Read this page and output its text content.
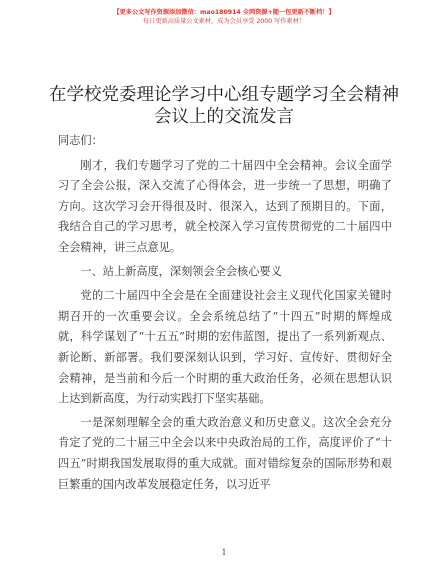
【更多公文写作资源添加微信：mao180914 全网资源+随一包更新不断档！】
每日更新高质量公文素材，成为会员享受 2000 写作素材！
在学校党委理论学习中心组专题学习全会精神
会议上的交流发言

同志们：

刚才，我们专题学习了党的二十届四中全会精神。会议全面学习了全会公报，深入交流了心得体会，进一步统一了思想，明确了方向。这次学习会开得很及时、很深入，达到了预期目的。下面，我结合自己的学习思考，就全校深入学习宣传贯彻党的二十届四中全会精神，讲三点意见。

一、站上新高度，深刻领会全会核心要义

党的二十届四中全会是在全面建设社会主义现代化国家关键时期召开的一次重要会议。全会系统总结了“十四五”时期的辉煌成就，科学谋划了“十五五”时期的宏伟蓝图，提出了一系列新观点、新论断、新部署。我们要深刻认识到，学习好、宣传好、贯彻好全会精神，是当前和今后一个时期的重大政治任务，必须在思想认识上达到新高度，为行动实践打下坚实基础。

一是深刻理解全会的重大政治意义和历史意义。这次全会充分肯定了党的二十届三中全会以来中央政治局的工作，高度评价了“十四五”时期我国发展取得的重大成就。面对错综复杂的国际形势和艰巨繁重的国内改革发展稳定任务，以习近平

1
